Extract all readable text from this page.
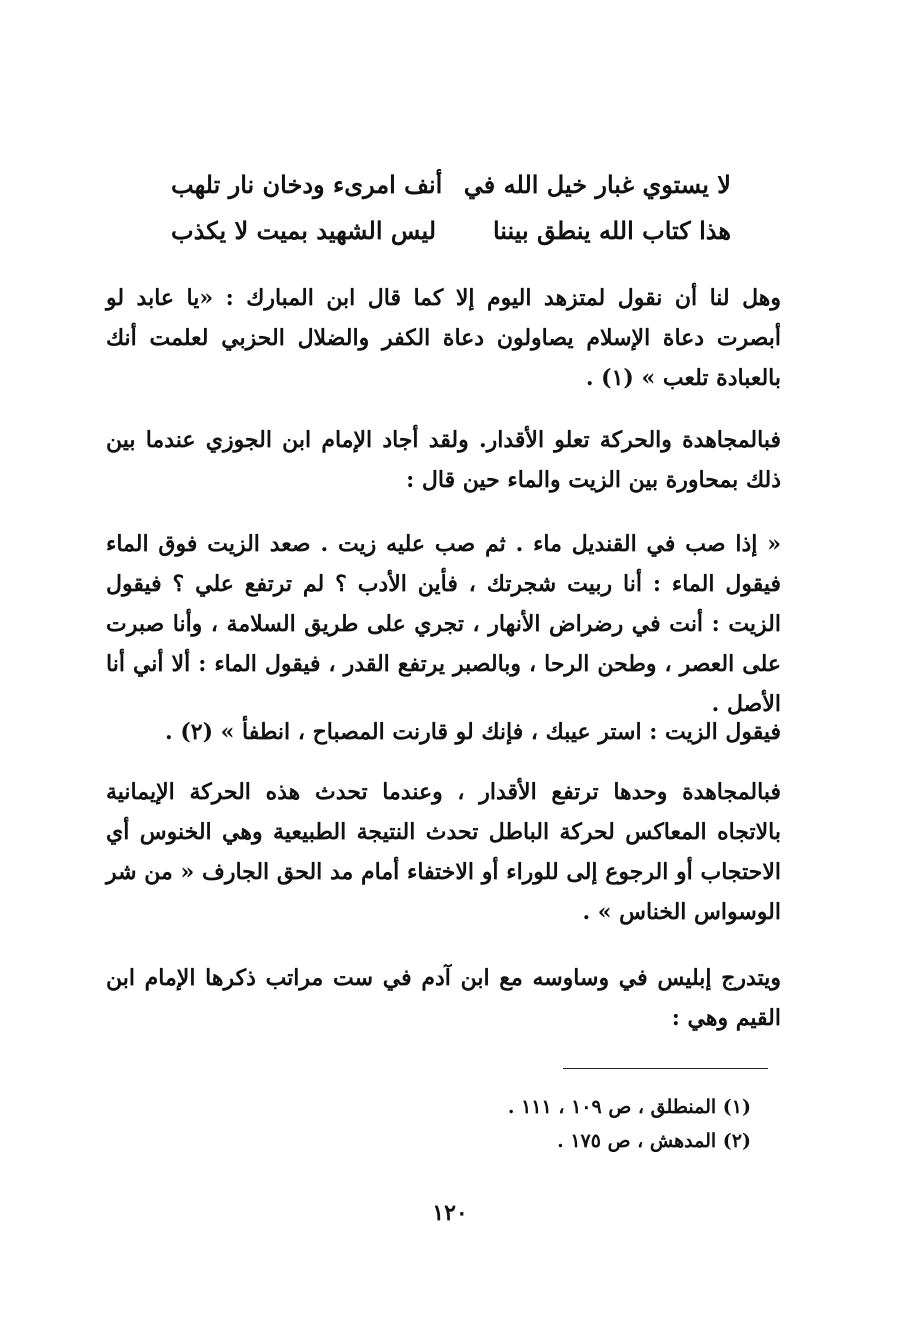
لا يستوي غبار خيل الله في
أنف امرىء ودخان نار تلهب
هذا كتاب الله ينطق بيننا
ليس الشهيد بميت لا يكذب

وهل لنا أن نقول لمتزهد اليوم إلا كما قال ابن المبارك : «يا عابد لو أبصرت دعاة الإسلام يصاولون دعاة الكفر والضلال الحزبي لعلمت أنك بالعبادة تلعب » (١) .

فبالمجاهدة والحركة تعلو الأقدار. ولقد أجاد الإمام ابن الجوزي عندما بين ذلك بمحاورة بين الزيت والماء حين قال :

« إذا صب في القنديل ماء . ثم صب عليه زيت . صعد الزيت فوق الماء فيقول الماء : أنا ربيت شجرتك ، فأين الأدب ؟ لم ترتفع علي ؟ فيقول الزيت : أنت في رضراض الأنهار ، تجري على طريق السلامة ، وأنا صبرت على العصر ، وطحن الرحا ، وبالصبر يرتفع القدر ، فيقول الماء : ألا أني أنا الأصل .

فيقول الزيت : استر عيبك ، فإنك لو قارنت المصباح ، انطفأ » (٢) .

فبالمجاهدة وحدها ترتفع الأقدار ، وعندما تحدث هذه الحركة الإيمانية بالاتجاه المعاكس لحركة الباطل تحدث النتيجة الطبيعية وهي الخنوس أي الاحتجاب أو الرجوع إلى للوراء أو الاختفاء أمام مد الحق الجارف « من شر الوسواس الخناس » .

ويتدرج إبليس في وساوسه مع ابن آدم في ست مراتب ذكرها الإمام ابن القيم وهي :

(١) المنطلق ، ص ١٠٩ ، ١١١ .
(٢) المدهش ، ص ١٧٥ .
١٢٠
